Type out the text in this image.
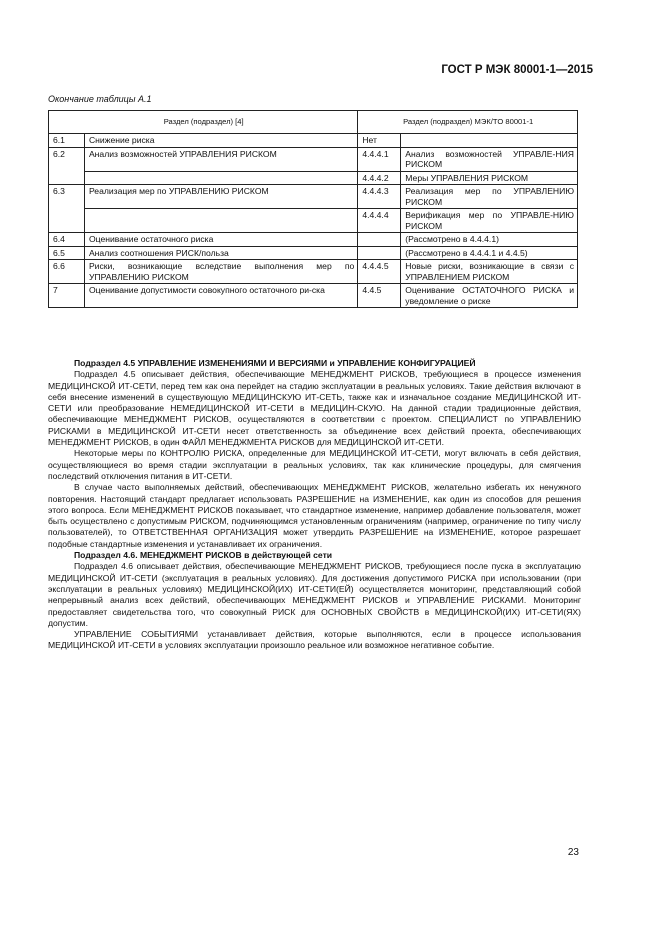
ГОСТ Р МЭК 80001-1—2015
Окончание таблицы А.1
Раздел (подраздел) [4]		Раздел (подраздел) МЭК/TO 80001-1	
6.1	Снижение риска	Нет	
6.2	Анализ возможностей УПРАВЛЕНИЯ РИСКОМ	4.4.4.1	Анализ возможностей УПРАВЛЕ-НИЯ РИСКОМ
		4.4.4.2	Меры УПРАВЛЕНИЯ РИСКОМ
6.3	Реализация мер по УПРАВЛЕНИЮ РИСКОМ	4.4.4.3	Реализация мер по УПРАВЛЕНИЮ РИСКОМ
		4.4.4.4	Верификация мер по УПРАВЛЕ-НИЮ РИСКОМ
6.4	Оценивание остаточного риска		(Рассмотрено в 4.4.4.1)
6.5	Анализ соотношения РИСК/польза		(Рассмотрено в 4.4.4.1 и 4.4.5)
6.6	Риски, возникающие вследствие выполнения мер по УПРАВЛЕНИЮ РИСКОМ	4.4.4.5	Новые риски, возникающие в связи с УПРАВЛЕНИЕМ РИСКОМ
7	Оценивание допустимости совокупного остаточного ри-ска	4.4.5	Оценивание ОСТАТОЧНОГО РИСКА и уведомление о риске

Подраздел 4.5 УПРАВЛЕНИЕ ИЗМЕНЕНИЯМИ И ВЕРСИЯМИ и УПРАВЛЕНИЕ КОНФИГУРАЦИЕЙ

Подраздел 4.5 описывает действия, обеспечивающие МЕНЕДЖМЕНТ РИСКОВ, требующиеся в процессе изменения МЕДИЦИНСКОЙ ИТ-СЕТИ, перед тем как она перейдет на стадию эксплуатации в реальных условиях. Такие действия включают в себя внесение изменений в существующую МЕДИЦИНСКУЮ ИТ-СЕТЬ, также как и изначальное создание МЕДИЦИНСКОЙ ИТ-СЕТИ или преобразование НЕМЕДИЦИНСКОЙ ИТ-СЕТИ в МЕДИЦИН-СКУЮ. На данной стадии традиционные действия, обеспечивающие МЕНЕДЖМЕНТ РИСКОВ, осуществляются в соответствии с проектом. СПЕЦИАЛИСТ по УПРАВЛЕНИЮ РИСКАМИ в МЕДИЦИНСКОЙ ИТ-СЕТИ несет ответственность за объединение всех действий проекта, обеспечивающих МЕНЕДЖМЕНТ РИСКОВ, в один ФАЙЛ МЕНЕДЖМЕНТА РИСКОВ для МЕДИЦИНСКОЙ ИТ-СЕТИ.

Некоторые меры по КОНТРОЛЮ РИСКА, определенные для МЕДИЦИНСКОЙ ИТ-СЕТИ, могут включать в себя действия, осуществляющиеся во время стадии эксплуатации в реальных условиях, так как клинические процедуры, для смягчения последствий отключения питания в ИТ-СЕТИ.

В случае часто выполняемых действий, обеспечивающих МЕНЕДЖМЕНТ РИСКОВ, желательно избегать их ненужного повторения. Настоящий стандарт предлагает использовать РАЗРЕШЕНИЕ на ИЗМЕНЕНИЕ, как один из способов для решения этого вопроса. Если МЕНЕДЖМЕНТ РИСКОВ показывает, что стандартное изменение, например добавление пользователя, может быть осуществлено с допустимым РИСКОМ, подчиняющимся установленным ограничениям (например, ограничение по типу числу пользователей), то ОТВЕТСТВЕННАЯ ОРГАНИЗАЦИЯ может утвердить РАЗРЕШЕНИЕ на ИЗМЕНЕНИЕ, которое разрешает подобные стандартные изменения и устанавливает их ограничения.

Подраздел 4.6. МЕНЕДЖМЕНТ РИСКОВ в действующей сети

Подраздел 4.6 описывает действия, обеспечивающие МЕНЕДЖМЕНТ РИСКОВ, требующиеся после пуска в эксплуатацию МЕДИЦИНСКОЙ ИТ-СЕТИ (эксплуатация в реальных условиях). Для достижения допустимого РИСКА при использовании (при эксплуатации в реальных условиях) МЕДИЦИНСКОЙ(ИХ) ИТ-СЕТИ(ЕЙ) осуществляется мониторинг, представляющий собой непрерывный анализ всех действий, обеспечивающих МЕНЕДЖМЕНТ РИСКОВ и УПРАВЛЕНИЕ РИСКАМИ. Мониторинг предоставляет свидетельства того, что совокупный РИСК для ОСНОВНЫХ СВОЙСТВ в МЕДИЦИНСКОЙ(ИХ) ИТ-СЕТИ(ЯХ) допустим.

УПРАВЛЕНИЕ СОБЫТИЯМИ устанавливает действия, которые выполняются, если в процессе использования МЕДИЦИНСКОЙ ИТ-СЕТИ в условиях эксплуатации произошло реальное или возможное негативное событие.

23
